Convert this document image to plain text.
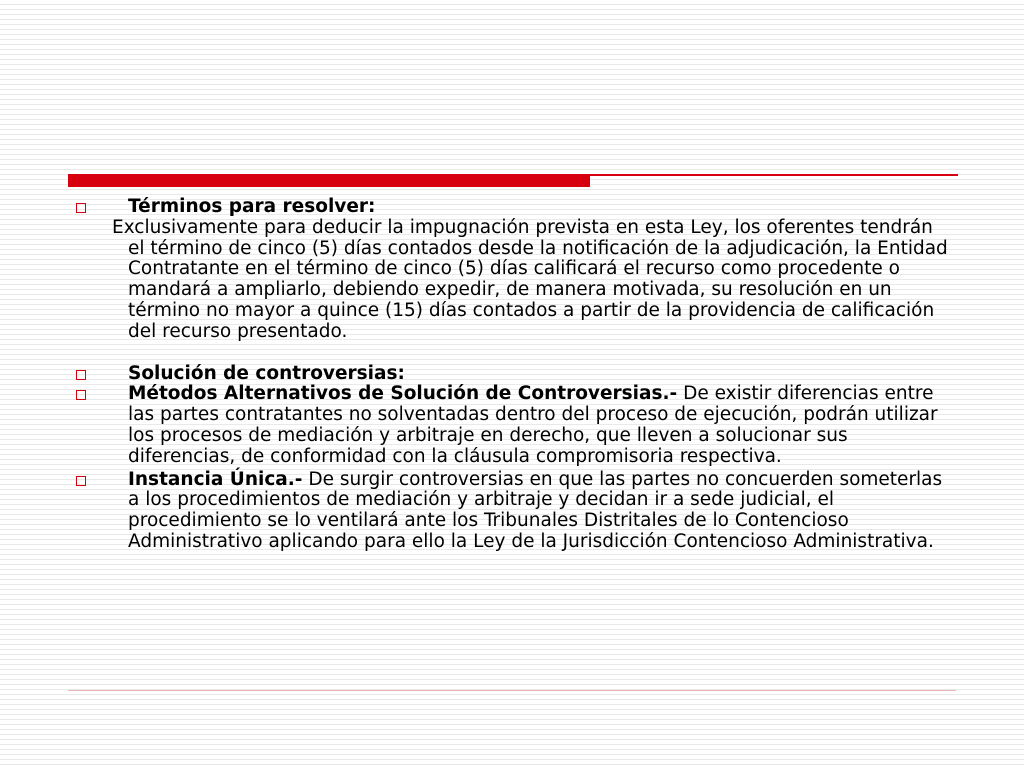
Términos para resolver:

Exclusivamente para deducir la impugnación prevista en esta Ley, los oferentes tendrán el término de cinco (5) días contados desde la notificación de la adjudicación, la Entidad Contratante en el término de cinco (5) días calificará el recurso como procedente o mandará a ampliarlo, debiendo expedir, de manera motivada, su resolución en un término no mayor a quince (15) días contados a partir de la providencia de calificación del recurso presentado.

Solución de controversias:
Métodos Alternativos de Solución de Controversias.- De existir diferencias entre las partes contratantes no solventadas dentro del proceso de ejecución, podrán utilizar los procesos de mediación y arbitraje en derecho, que lleven a solucionar sus diferencias, de conformidad con la cláusula compromisoria respectiva.
Instancia Única.- De surgir controversias en que las partes no concuerden someterlas a los procedimientos de mediación y arbitraje y decidan ir a sede judicial, el procedimiento se lo ventilará ante los Tribunales Distritales de lo Contencioso Administrativo aplicando para ello la Ley de la Jurisdicción Contencioso Administrativa.
